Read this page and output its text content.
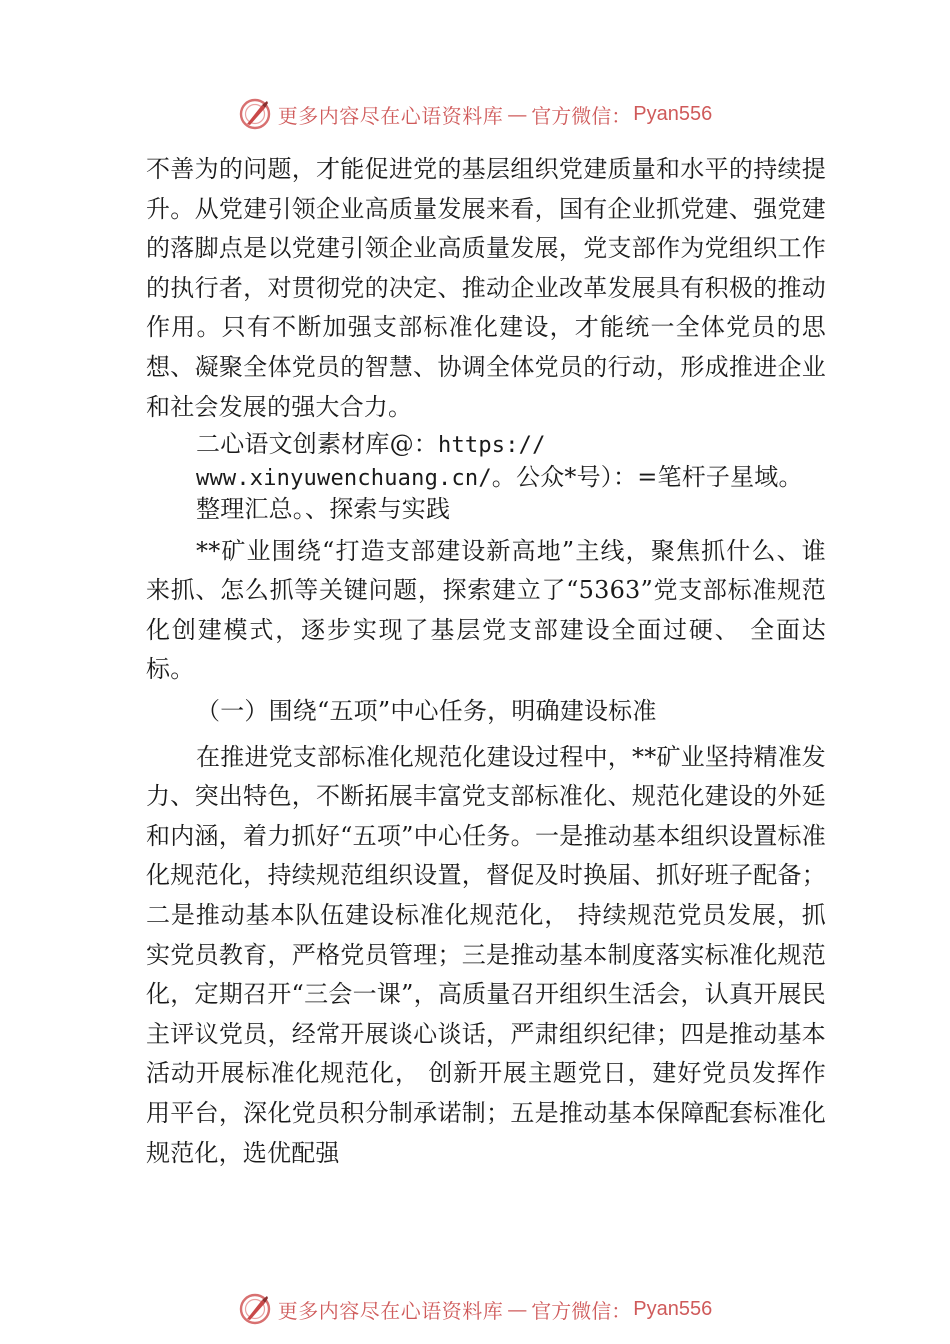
更多内容尽在心语资料库 — 官方微信： Pyan556

不善为的问题，才能促进党的基层组织党建质量和水平的持续提升。从党建引领企业高质量发展来看，国有企业抓党建、强党建的落脚点是以党建引领企业高质量发展，党支部作为党组织工作的执行者，对贯彻党的决定、推动企业改革发展具有积极的推动作用。只有不断加强支部标准化建设，才能统一全体党员的思想、凝聚全体党员的智慧、协调全体党员的行动，形成推进企业和社会发展的强大合力。

二心语文创素材库@：https://
www.xinyuwenchuang.cn/。公众*号）：=笔杆子星域。整理汇总。、探索与实践

**矿业围绕“打造支部建设新高地”主线，聚焦抓什么、谁来抓、怎么抓等关键问题，探索建立了“5363”党支部标准规范化创建模式，逐步实现了基层党支部建设全面过硬、 全面达标。

（一）围绕“五项”中心任务，明确建设标准

在推进党支部标准化规范化建设过程中，**矿业坚持精准发力、突出特色，不断拓展丰富党支部标准化、规范化建设的外延和内涵，着力抓好“五项”中心任务。一是推动基本组织设置标准化规范化，持续规范组织设置，督促及时换届、抓好班子配备；二是推动基本队伍建设标准化规范化， 持续规范党员发展，抓实党员教育，严格党员管理；三是推动基本制度落实标准化规范化，定期召开“三会一课”，高质量召开组织生活会，认真开展民主评议党员，经常开展谈心谈话，严肃组织纪律；四是推动基本活动开展标准化规范化， 创新开展主题党日，建好党员发挥作用平台，深化党员积分制承诺制；五是推动基本保障配套标准化规范化，选优配强

更多内容尽在心语资料库 — 官方微信： Pyan556
